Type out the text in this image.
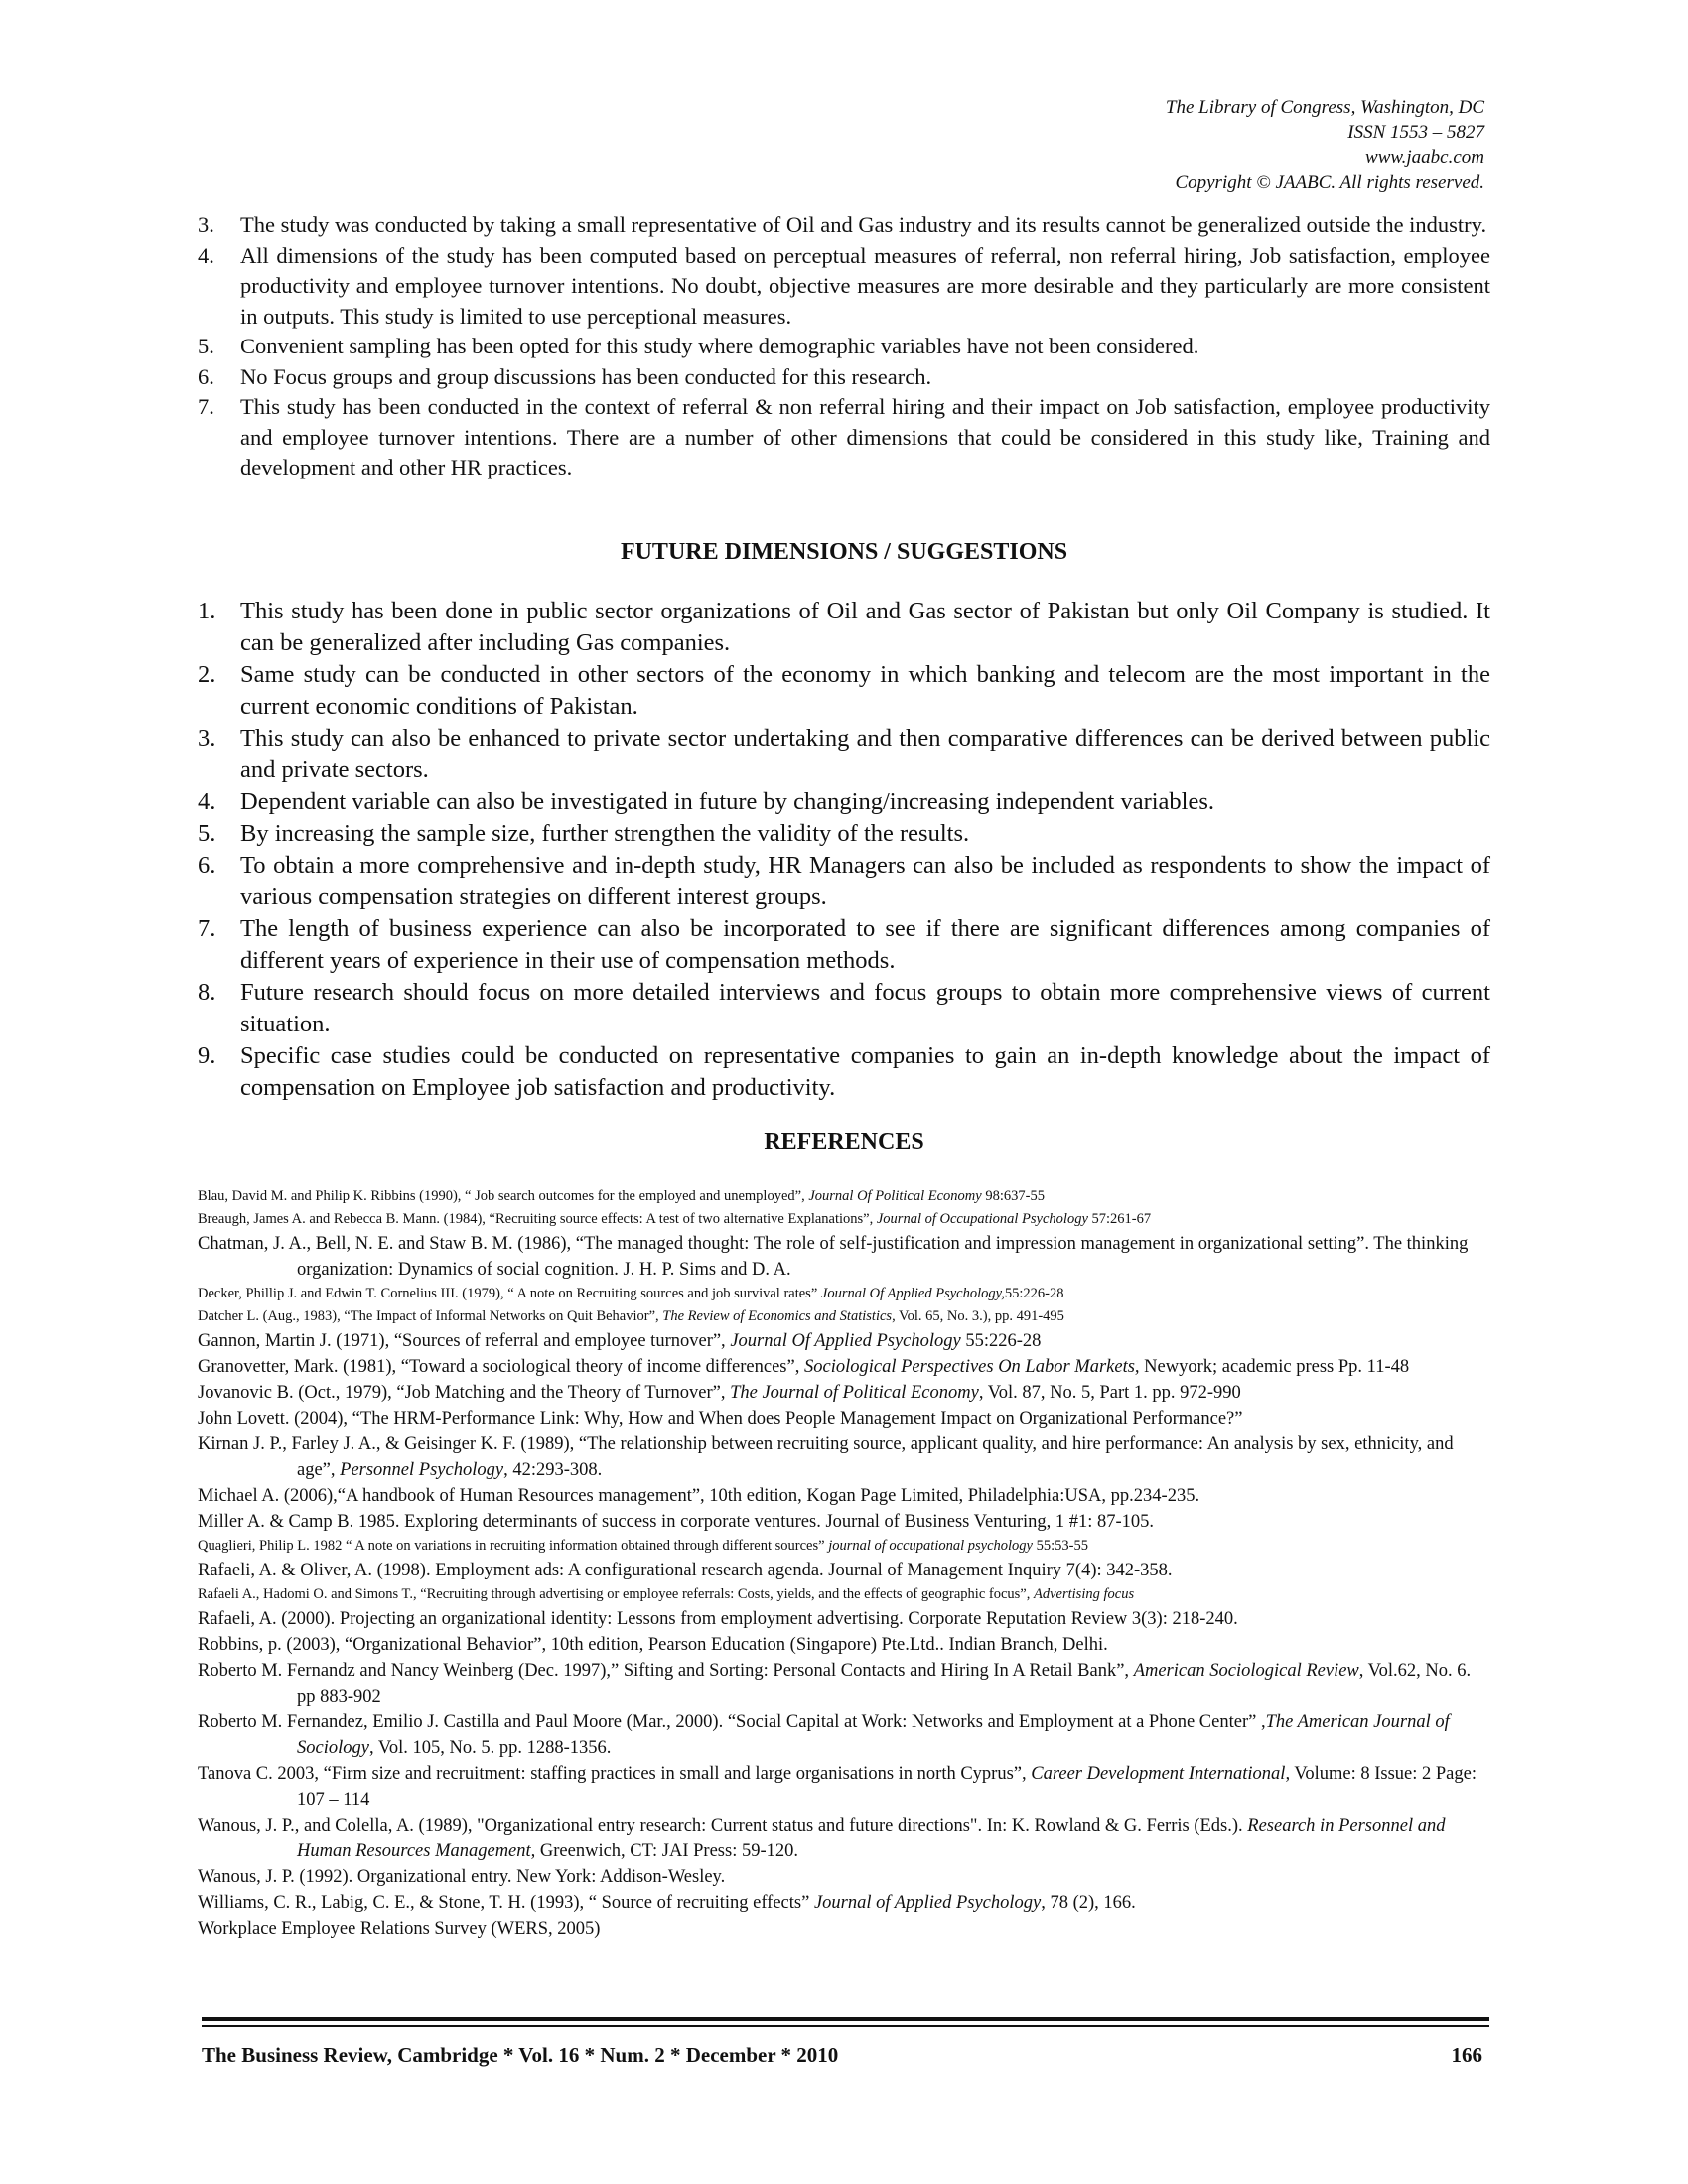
The Library of Congress, Washington, DC
ISSN 1553 – 5827
www.jaabc.com
Copyright © JAABC. All rights reserved.
3. The study was conducted by taking a small representative of Oil and Gas industry and its results cannot be generalized outside the industry.
4. All dimensions of the study has been computed based on perceptual measures of referral, non referral hiring, Job satisfaction, employee productivity and employee turnover intentions. No doubt, objective measures are more desirable and they particularly are more consistent in outputs. This study is limited to use perceptional measures.
5. Convenient sampling has been opted for this study where demographic variables have not been considered.
6. No Focus groups and group discussions has been conducted for this research.
7. This study has been conducted in the context of referral & non referral hiring and their impact on Job satisfaction, employee productivity and employee turnover intentions. There are a number of other dimensions that could be considered in this study like, Training and development and other HR practices.
FUTURE DIMENSIONS / SUGGESTIONS
1. This study has been done in public sector organizations of Oil and Gas sector of Pakistan but only Oil Company is studied. It can be generalized after including Gas companies.
2. Same study can be conducted in other sectors of the economy in which banking and telecom are the most important in the current economic conditions of Pakistan.
3. This study can also be enhanced to private sector undertaking and then comparative differences can be derived between public and private sectors.
4. Dependent variable can also be investigated in future by changing/increasing independent variables.
5. By increasing the sample size, further strengthen the validity of the results.
6. To obtain a more comprehensive and in-depth study, HR Managers can also be included as respondents to show the impact of various compensation strategies on different interest groups.
7. The length of business experience can also be incorporated to see if there are significant differences among companies of different years of experience in their use of compensation methods.
8. Future research should focus on more detailed interviews and focus groups to obtain more comprehensive views of current situation.
9. Specific case studies could be conducted on representative companies to gain an in-depth knowledge about the impact of compensation on Employee job satisfaction and productivity.
REFERENCES
Blau, David M. and Philip K. Ribbins (1990), “ Job search outcomes for the employed and unemployed”, Journal Of Political Economy 98:637-55
Breaugh, James A. and Rebecca B. Mann. (1984), “Recruiting source effects: A test of two alternative Explanations”, Journal of Occupational Psychology 57:261-67
Chatman, J. A., Bell, N. E. and Staw B. M. (1986), “The managed thought: The role of self-justification and impression management in organizational setting”. The thinking organization: Dynamics of social cognition. J. H. P. Sims and D. A.
Decker, Phillip J. and Edwin T. Cornelius III. (1979), “ A note on Recruiting sources and job survival rates” Journal Of Applied Psychology,55:226-28
Datcher L. (Aug., 1983), “The Impact of Informal Networks on Quit Behavior”, The Review of Economics and Statistics, Vol. 65, No. 3.), pp. 491-495
Gannon, Martin J. (1971), “Sources of referral and employee turnover”, Journal Of Applied Psychology 55:226-28
Granovetter, Mark. (1981), “Toward a sociological theory of income differences”, Sociological Perspectives On Labor Markets, Newyork; academic press Pp. 11-48
Jovanovic B. (Oct., 1979), “Job Matching and the Theory of Turnover”, The Journal of Political Economy, Vol. 87, No. 5, Part 1. pp. 972-990
John Lovett. (2004), “The HRM-Performance Link: Why, How and When does People Management Impact on Organizational Performance?”
Kirnan J. P., Farley J. A., & Geisinger K. F. (1989), “The relationship between recruiting source, applicant quality, and hire performance: An analysis by sex, ethnicity, and age”, Personnel Psychology, 42:293-308.
Michael A. (2006),“A handbook of Human Resources management”, 10th edition, Kogan Page Limited, Philadelphia:USA, pp.234-235.
Miller A. & Camp B. 1985. Exploring determinants of success in corporate ventures. Journal of Business Venturing, 1 #1: 87-105.
Quaglieri, Philip L. 1982 “ A note on variations in recruiting information obtained through different sources” journal of occupational psychology 55:53-55
Rafaeli, A. & Oliver, A. (1998). Employment ads: A configurational research agenda. Journal of Management Inquiry 7(4): 342-358.
Rafaeli A., Hadomi O. and Simons T., “Recruiting through advertising or employee referrals: Costs, yields, and the effects of geographic focus”, Advertising focus
Rafaeli, A. (2000). Projecting an organizational identity: Lessons from employment advertising. Corporate Reputation Review 3(3): 218-240.
Robbins, p. (2003), “Organizational Behavior”, 10th edition, Pearson Education (Singapore) Pte.Ltd.. Indian Branch, Delhi.
Roberto M. Fernandz and Nancy Weinberg (Dec. 1997),” Sifting and Sorting: Personal Contacts and Hiring In A Retail Bank”, American Sociological Review, Vol.62, No. 6. pp 883-902
Roberto M. Fernandez, Emilio J. Castilla and Paul Moore (Mar., 2000). “Social Capital at Work: Networks and Employment at a Phone Center” ,The American Journal of Sociology, Vol. 105, No. 5. pp. 1288-1356.
Tanova C. 2003, “Firm size and recruitment: staffing practices in small and large organisations in north Cyprus”, Career Development International, Volume: 8 Issue: 2 Page: 107 – 114
Wanous, J. P., and Colella, A. (1989), "Organizational entry research: Current status and future directions". In: K. Rowland & G. Ferris (Eds.). Research in Personnel and Human Resources Management, Greenwich, CT: JAI Press: 59-120.
Wanous, J. P. (1992). Organizational entry. New York: Addison-Wesley.
Williams, C. R., Labig, C. E., & Stone, T. H. (1993), “ Source of recruiting effects” Journal of Applied Psychology, 78 (2), 166.
Workplace Employee Relations Survey (WERS, 2005)
The Business Review, Cambridge * Vol. 16 * Num. 2 * December * 2010	166
